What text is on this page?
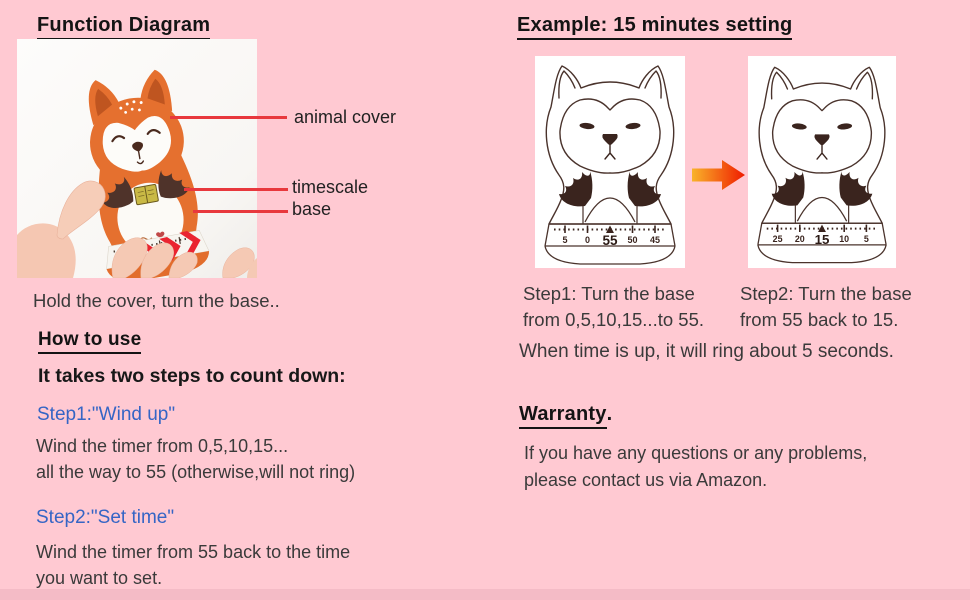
Function Diagram
animal cover
timescale
base
Hold the cover, turn the base..
How to use
It takes two steps to count down:
Step1:"Wind up"
Wind the timer from 0,5,10,15...
all the way to 55 (otherwise,will not ring)
Step2:"Set time"
Wind the timer from 55 back to the time
you want to set.
Example: 15 minutes setting
5 0 55 50 45	25 20 15 10 5
Step1: Turn the base
from 0,5,10,15...to 55.
Step2: Turn the base
from 55 back to 15.
When time is up, it will ring about 5 seconds.
Warranty.
If you have any questions or any problems,
please contact us via Amazon.
